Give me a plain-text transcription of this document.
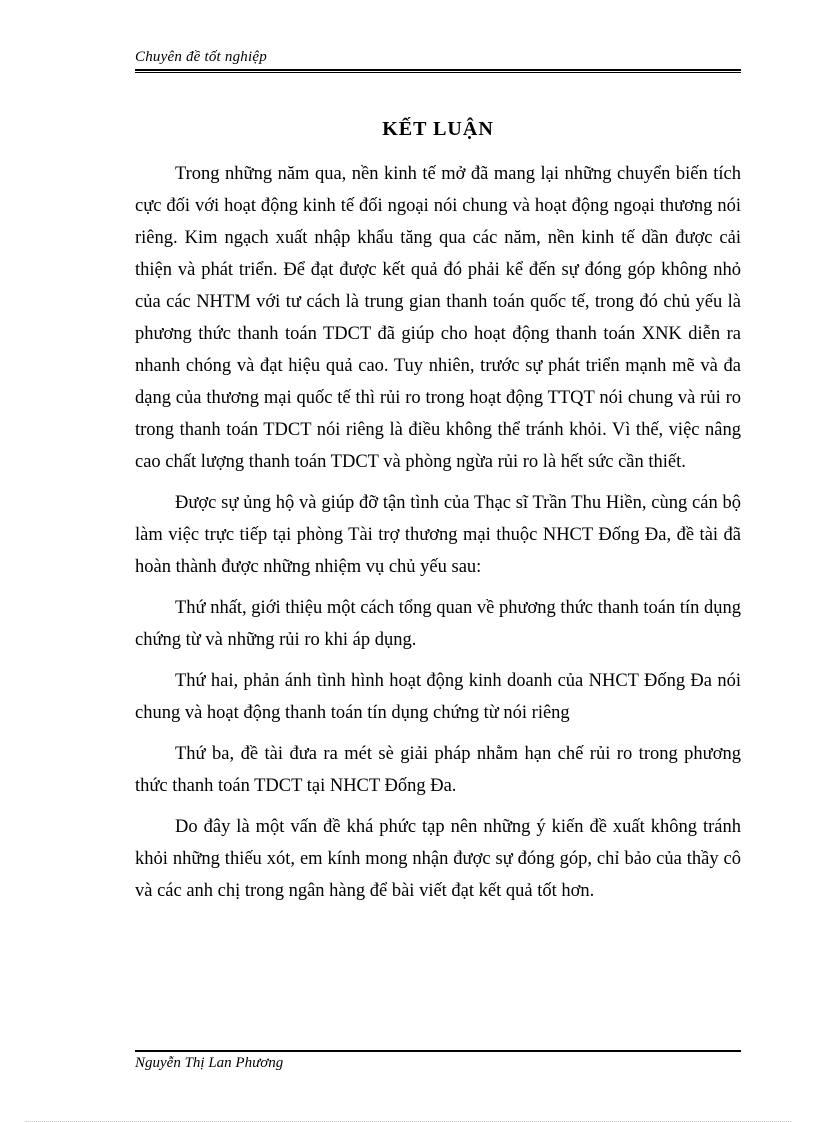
Chuyên đề tốt nghiệp
KẾT LUẬN

Trong những năm qua, nền kinh tế mở đã mang lại những chuyển biến tích cực đối với hoạt động kinh tế đối ngoại nói chung và hoạt động ngoại thương nói riêng. Kim ngạch xuất nhập khẩu tăng qua các năm, nền kinh tế dần được cải thiện và phát triển. Để đạt được kết quả đó phải kể đến sự đóng góp không nhỏ của các NHTM với tư cách là trung gian thanh toán quốc tế, trong đó chủ yếu là phương thức thanh toán TDCT đã giúp cho hoạt động thanh toán XNK diễn ra nhanh chóng và đạt hiệu quả cao. Tuy nhiên, trước sự phát triển mạnh mẽ và đa dạng của thương mại quốc tế thì rủi ro trong hoạt động TTQT nói chung và rủi ro trong thanh toán TDCT nói riêng là điều không thể tránh khỏi. Vì thế, việc nâng cao chất lượng thanh toán TDCT và phòng ngừa rủi ro là hết sức cần thiết.

Được sự ủng hộ và giúp đỡ tận tình của Thạc sĩ Trần Thu Hiền, cùng cán bộ làm việc trực tiếp tại phòng Tài trợ thương mại thuộc NHCT Đống Đa, đề tài đã hoàn thành được những nhiệm vụ chủ yếu sau:

Thứ nhất, giới thiệu một cách tổng quan về phương thức thanh toán tín dụng chứng từ và những rủi ro khi áp dụng.

Thứ hai, phản ánh tình hình hoạt động kinh doanh của NHCT Đống Đa nói chung và hoạt động thanh toán tín dụng chứng từ nói riêng

Thứ ba, đề tài đưa ra mét sè giải pháp nhằm hạn chế rủi ro trong phương thức thanh toán TDCT tại NHCT Đống Đa.

Do đây là một vấn đề khá phức tạp nên những ý kiến đề xuất không tránh khỏi những thiếu xót, em kính mong nhận được sự đóng góp, chỉ bảo của thầy cô và các anh chị trong ngân hàng để bài viết đạt kết quả tốt hơn.

Nguyễn Thị Lan Phương
